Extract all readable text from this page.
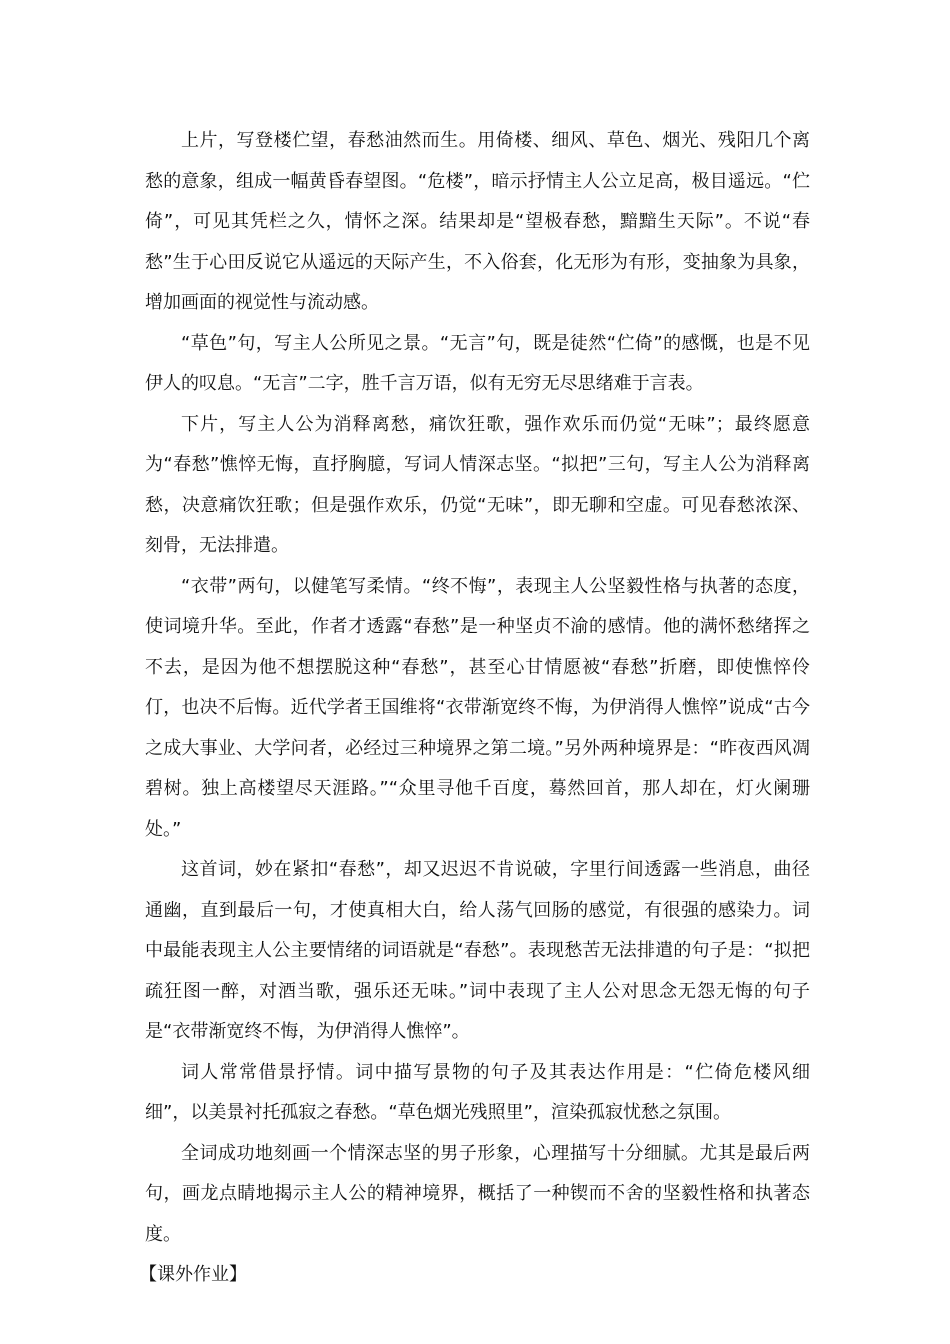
上片，写登楼伫望，春愁油然而生。用倚楼、细风、草色、烟光、残阳几个离愁的意象，组成一幅黄昏春望图。“危楼”，暗示抒情主人公立足高，极目遥远。“伫倚”，可见其凭栏之久，情怀之深。结果却是“望极春愁，黯黯生天际”。不说“春愁”生于心田反说它从遥远的天际产生，不入俗套，化无形为有形，变抽象为具象，增加画面的视觉性与流动感。

“草色”句，写主人公所见之景。“无言”句，既是徒然“伫倚”的感慨，也是不见伊人的叹息。“无言”二字，胜千言万语，似有无穷无尽思绪难于言表。

下片，写主人公为消释离愁，痛饮狂歌，强作欢乐而仍觉“无味”；最终愿意为“春愁”憔悴无悔，直抒胸臆，写词人情深志坚。“拟把”三句，写主人公为消释离愁，决意痛饮狂歌；但是强作欢乐，仍觉“无味”，即无聊和空虚。可见春愁浓深、刻骨，无法排遣。

“衣带”两句，以健笔写柔情。“终不悔”，表现主人公坚毅性格与执著的态度，使词境升华。至此，作者才透露“春愁”是一种坚贞不渝的感情。他的满怀愁绪挥之不去，是因为他不想摆脱这种“春愁”，甚至心甘情愿被“春愁”折磨，即使憔悴伶仃，也决不后悔。近代学者王国维将“衣带渐宽终不悔，为伊消得人憔悴”说成“古今之成大事业、大学问者，必经过三种境界之第二境。”另外两种境界是：“昨夜西风凋碧树。独上高楼望尽天涯路。”“众里寻他千百度，蓦然回首，那人却在，灯火阑珊处。”

这首词，妙在紧扣“春愁”，却又迟迟不肯说破，字里行间透露一些消息，曲径通幽，直到最后一句，才使真相大白，给人荡气回肠的感觉，有很强的感染力。词中最能表现主人公主要情绪的词语就是“春愁”。表现愁苦无法排遣的句子是：“拟把疏狂图一醉，对酒当歌，强乐还无味。”词中表现了主人公对思念无怨无悔的句子是“衣带渐宽终不悔，为伊消得人憔悴”。

词人常常借景抒情。词中描写景物的句子及其表达作用是：“伫倚危楼风细细”，以美景衬托孤寂之春愁。“草色烟光残照里”，渲染孤寂忧愁之氛围。

全词成功地刻画一个情深志坚的男子形象，心理描写十分细腻。尤其是最后两句，画龙点睛地揭示主人公的精神境界，概括了一种锲而不舍的坚毅性格和执著态度。

【课外作业】
